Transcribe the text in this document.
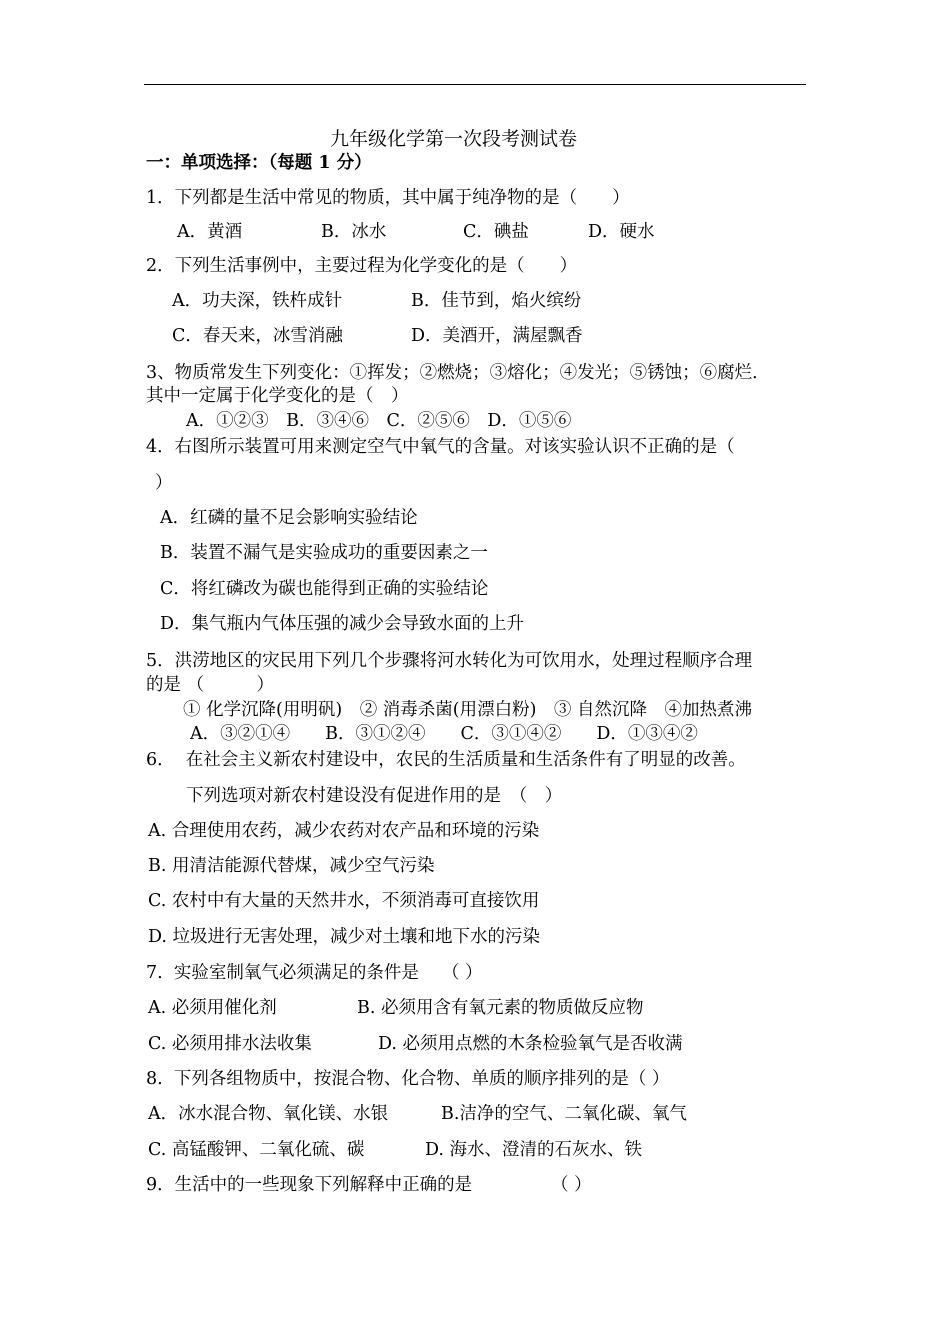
九年级化学第一次段考测试卷
一：单项选择：（每题 1 分）
1．下列都是生活中常见的物质，其中属于纯净物的是（　　）
A．黄酒	B．冰水	C．碘盐	D．硬水
2．下列生活事例中，主要过程为化学变化的是（　　）
A．功夫深，铁杵成针	B．佳节到，焰火缤纷
C．春天来，冰雪消融	D．美酒开，满屋飘香
3、物质常发生下列变化：①挥发；②燃烧；③熔化；④发光；⑤锈蚀；⑥腐烂．
其中一定属于化学变化的是（　）
A．①②③　B．③④⑥　C．②⑤⑥　D．①⑤⑥
4．右图所示装置可用来测定空气中氧气的含量。对该实验认识不正确的是（
）
A．红磷的量不足会影响实验结论
B．装置不漏气是实验成功的重要因素之一
C．将红磷改为碳也能得到正确的实验结论
D．集气瓶内气体压强的减少会导致水面的上升
5．洪涝地区的灾民用下列几个步骤将河水转化为可饮用水，处理过程顺序合理
的是 （　　　）
① 化学沉降(用明矾)　② 消毒杀菌(用漂白粉)　③ 自然沉降　④加热煮沸
A．③②①④　　B．③①②④　　C．③①④②　　D．①③④②
6．  在社会主义新农村建设中，农民的生活质量和生活条件有了明显的改善。
下列选项对新农村建设没有促进作用的是　（　）
A. 合理使用农药，减少农药对农产品和环境的污染
B. 用清洁能源代替煤，减少空气污染
C. 农村中有大量的天然井水，不须消毒可直接饮用
D. 垃圾进行无害处理，减少对土壤和地下水的污染
7.  实验室制氧气必须满足的条件是　 （ ）
A. 必须用催化剂	B. 必须用含有氧元素的物质做反应物
C. 必须用排水法收集	D. 必须用点燃的木条检验氧气是否收满
8.  下列各组物质中，按混合物、化合物、单质的顺序排列的是（ ）
A．冰水混合物、氧化镁、水银	B.洁净的空气、二氧化碳、氧气
C. 高锰酸钾、二氧化硫、碳	D. 海水、澄清的石灰水、铁
9．生活中的一些现象下列解释中正确的是	（ ）
